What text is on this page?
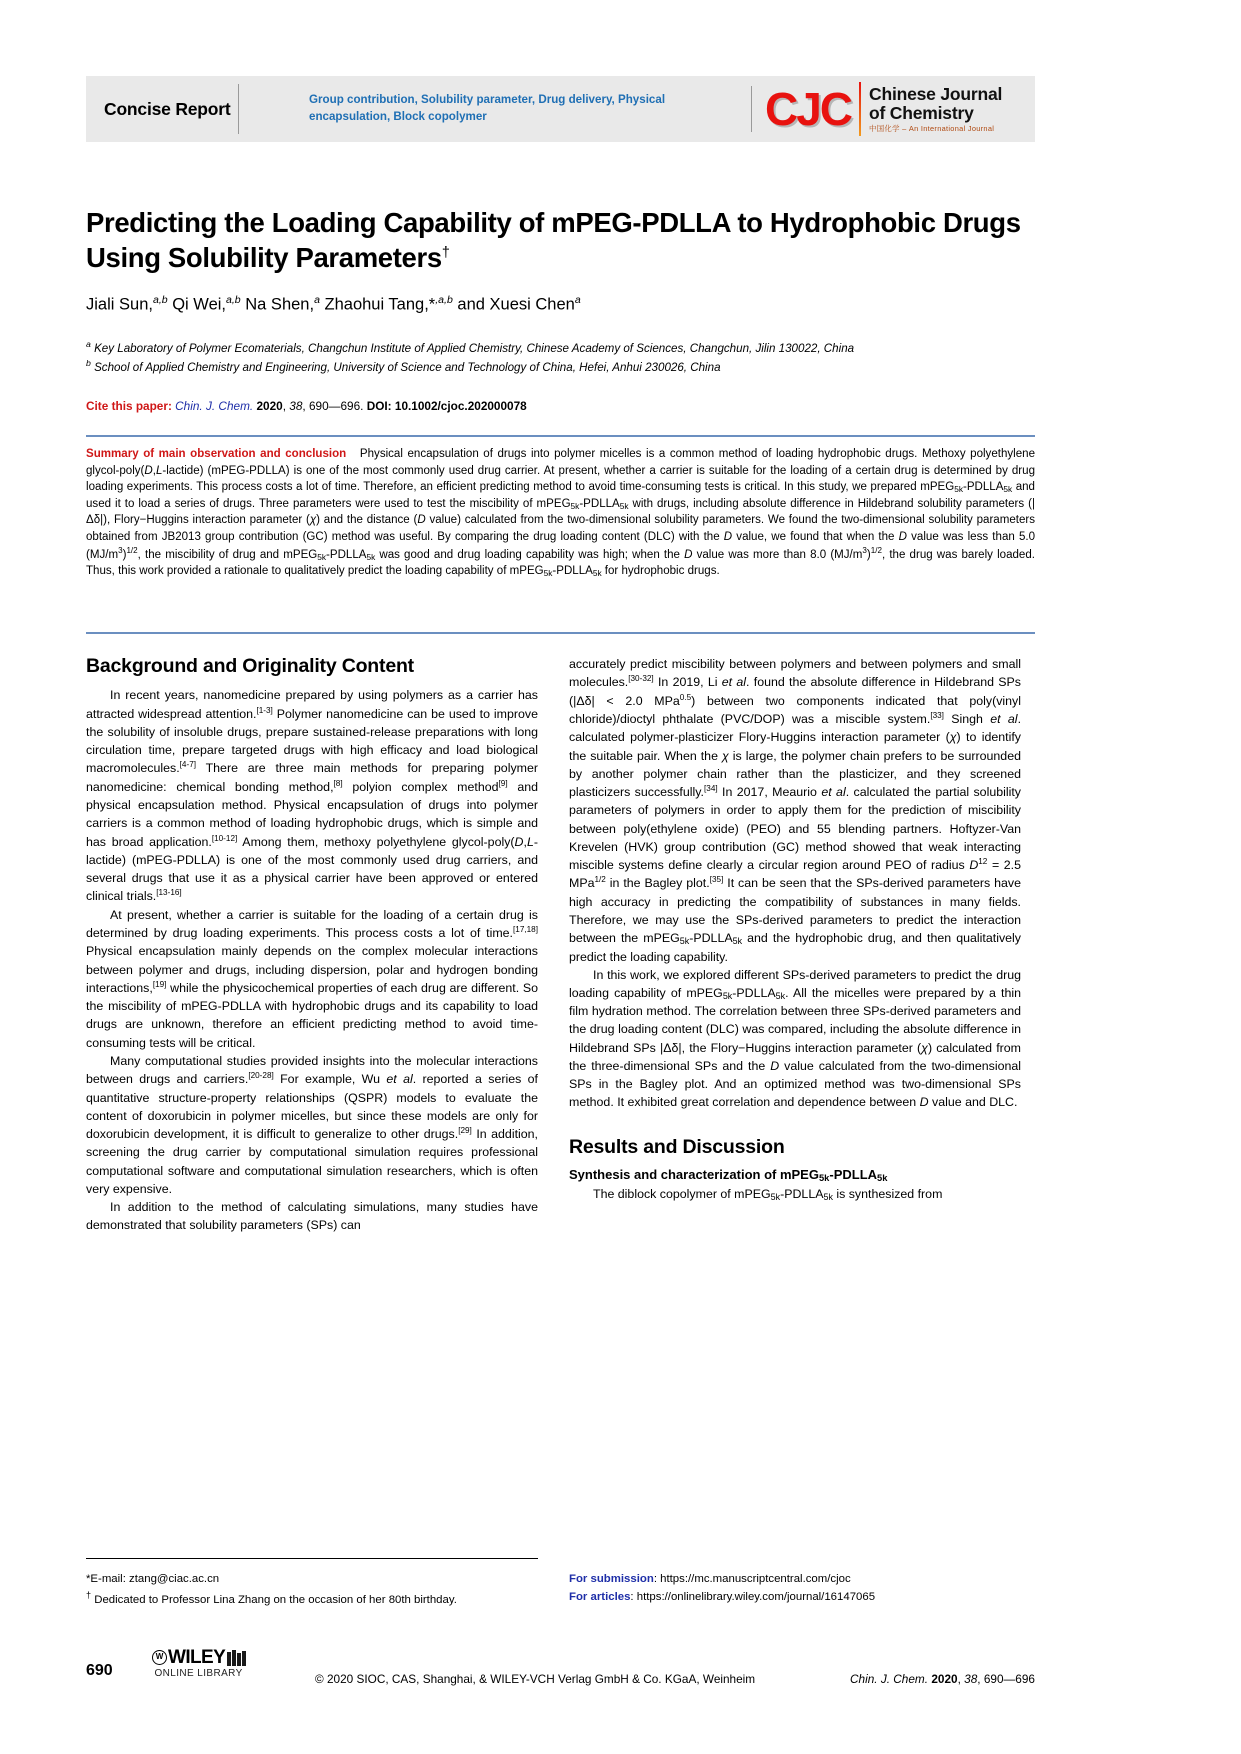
Concise Report	Group contribution, Solubility parameter, Drug delivery, Physical encapsulation, Block copolymer	CJC	Chinese Journal
of Chemistry
中国化学 – An International Journal
Predicting the Loading Capability of mPEG-PDLLA to Hydrophobic Drugs
Using Solubility Parameters†
Jiali Sun,$^{a,b}$ Qi Wei,$^{a,b}$ Na Shen,$^a$ Zhaohui Tang,*$^{,a,b}$ and Xuesi Chen$^a$
$^a$ Key Laboratory of Polymer Ecomaterials, Changchun Institute of Applied Chemistry, Chinese Academy of Sciences, Changchun, Jilin 130022, China
$^b$ School of Applied Chemistry and Engineering, University of Science and Technology of China, Hefei, Anhui 230026, China
Cite this paper: Chin. J. Chem. 2020, 38, 690—696. DOI: 10.1002/cjoc.202000078
Summary of main observation and conclusion Physical encapsulation of drugs into polymer micelles is a common method of loading hydrophobic drugs. Methoxy polyethylene glycol-poly(D,L-lactide) (mPEG-PDLLA) is one of the most commonly used drug carrier. At present, whether a carrier is suitable for the loading of a certain drug is determined by drug loading experiments. This process costs a lot of time. Therefore, an efficient predicting method to avoid time-consuming tests is critical. In this study, we prepared $mPEG_{5k}-PDLLA_{5k}$ and used it to load a series of drugs. Three parameters were used to test the miscibility of $mPEG_{5k}-PDLLA_{5k}$ with drugs, including absolute difference in Hildebrand solubility parameters (|Δδ|), Flory−Huggins interaction parameter (χ) and the distance (D value) calculated from the two-dimensional solubility parameters. We found the two-dimensional solubility parameters obtained from JB2013 group contribution (GC) method was useful. By comparing the drug loading content (DLC) with the D value, we found that when the D value was less than 5.0 $(MJ/m^3)^{1/2}$, the miscibility of drug and $mPEG_{5k}-PDLLA_{5k}$ was good and drug loading capability was high; when the D value was more than 8.0 $(MJ/m^3)^{1/2}$, the drug was barely loaded. Thus, this work provided a rationale to qualitatively predict the loading capability of $mPEG_{5k}-PDLLA_{5k}$ for hydrophobic drugs.
Background and Originality Content

In recent years, nanomedicine prepared by using polymers as a carrier has attracted widespread attention.[1-3] Polymer nanomedicine can be used to improve the solubility of insoluble drugs, prepare sustained-release preparations with long circulation time, prepare targeted drugs with high efficacy and load biological macromolecules.[4-7] There are three main methods for preparing polymer nanomedicine: chemical bonding method,[8] polyion complex method[9] and physical encapsulation method. Physical encapsulation of drugs into polymer carriers is a common method of loading hydrophobic drugs, which is simple and has broad application.[10-12] Among them, methoxy polyethylene glycol-poly(D,L-lactide) (mPEG-PDLLA) is one of the most commonly used drug carriers, and several drugs that use it as a physical carrier have been approved or entered clinical trials.[13-16]

At present, whether a carrier is suitable for the loading of a certain drug is determined by drug loading experiments. This process costs a lot of time.[17,18] Physical encapsulation mainly depends on the complex molecular interactions between polymer and drugs, including dispersion, polar and hydrogen bonding interactions,[19] while the physicochemical properties of each drug are different. So the miscibility of mPEG-PDLLA with hydrophobic drugs and its capability to load drugs are unknown, therefore an efficient predicting method to avoid time-consuming tests will be critical.

Many computational studies provided insights into the molecular interactions between drugs and carriers.[20-28] For example, Wu et al. reported a series of quantitative structure-property relationships (QSPR) models to evaluate the content of doxorubicin in polymer micelles, but since these models are only for doxorubicin development, it is difficult to generalize to other drugs.[29] In addition, screening the drug carrier by computational simulation requires professional computational software and computational simulation researchers, which is often very expensive.

In addition to the method of calculating simulations, many studies have demonstrated that solubility parameters (SPs) can

accurately predict miscibility between polymers and between polymers and small molecules.[30-32] In 2019, Li et al. found the absolute difference in Hildebrand SPs (|Δδ| < 2.0 MPa$^{0.5}$) between two components indicated that poly(vinyl chloride)/dioctyl phthalate (PVC/DOP) was a miscible system.[33] Singh et al. calculated polymer-plasticizer Flory-Huggins interaction parameter (χ) to identify the suitable pair. When the χ is large, the polymer chain prefers to be surrounded by another polymer chain rather than the plasticizer, and they screened plasticizers successfully.[34] In 2017, Meaurio et al. calculated the partial solubility parameters of polymers in order to apply them for the prediction of miscibility between poly(ethylene oxide) (PEO) and 55 blending partners. Hoftyzer-Van Krevelen (HVK) group contribution (GC) method showed that weak interacting miscible systems define clearly a circular region around PEO of radius $D^{12} = 2.5$ MPa$^{1/2}$ in the Bagley plot.[35] It can be seen that the SPs-derived parameters have high accuracy in predicting the compatibility of substances in many fields. Therefore, we may use the SPs-derived parameters to predict the interaction between the $mPEG_{5k}-PDLLA_{5k}$ and the hydrophobic drug, and then qualitatively predict the loading capability.

In this work, we explored different SPs-derived parameters to predict the drug loading capability of $mPEG_{5k}-PDLLA_{5k}$. All the micelles were prepared by a thin film hydration method. The correlation between three SPs-derived parameters and the drug loading content (DLC) was compared, including the absolute difference in Hildebrand SPs |Δδ|, the Flory−Huggins interaction parameter (χ) calculated from the three-dimensional SPs and the D value calculated from the two-dimensional SPs in the Bagley plot. And an optimized method was two-dimensional SPs method. It exhibited great correlation and dependence between D value and DLC.

Results and Discussion
Synthesis and characterization of $mPEG_{5k}-PDLLA_{5k}$

The diblock copolymer of $mPEG_{5k}-PDLLA_{5k}$ is synthesized from

*E-mail: ztang@ciac.ac.cn
† Dedicated to Professor Lina Zhang on the occasion of her 80th birthday.
For submission: https://mc.manuscriptcentral.com/cjoc
For articles: https://onlinelibrary.wiley.com/journal/16147065
690
W WILEY
ONLINE LIBRARY	© 2020 SIOC, CAS, Shanghai, & WILEY-VCH Verlag GmbH & Co. KGaA, Weinheim	Chin. J. Chem. 2020, 38, 690—696
